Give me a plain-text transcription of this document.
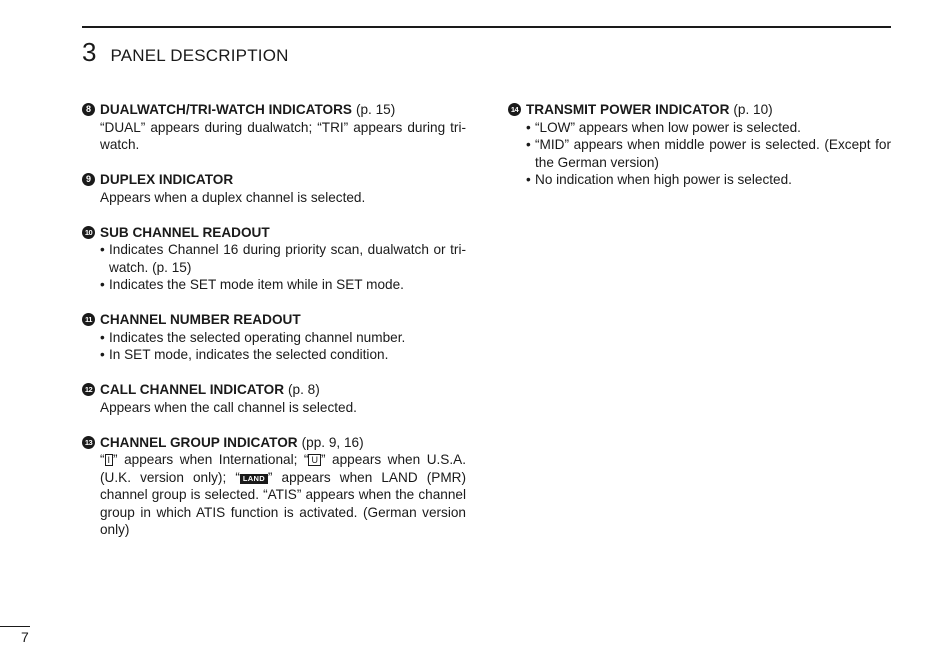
3 PANEL DESCRIPTION
8 DUALWATCH/TRI-WATCH INDICATORS (p. 15)
“DUAL” appears during dualwatch; “TRI” appears during tri-watch.
9 DUPLEX INDICATOR
Appears when a duplex channel is selected.
10 SUB CHANNEL READOUT
• Indicates Channel 16 during priority scan, dualwatch or tri-watch. (p. 15)
• Indicates the SET mode item while in SET mode.
11 CHANNEL NUMBER READOUT
• Indicates the selected operating channel number.
• In SET mode, indicates the selected condition.
12 CALL CHANNEL INDICATOR (p. 8)
Appears when the call channel is selected.
13 CHANNEL GROUP INDICATOR (pp. 9, 16)
“ I ” appears when International; “ U ” appears when U.S.A. (U.K. version only); “ LAND ” appears when LAND (PMR) channel group is selected. “ATIS” appears when the channel group in which ATIS function is activated. (German version only)
14 TRANSMIT POWER INDICATOR (p. 10)
• “LOW” appears when low power is selected.
• “MID” appears when middle power is selected. (Except for the German version)
• No indication when high power is selected.
7
